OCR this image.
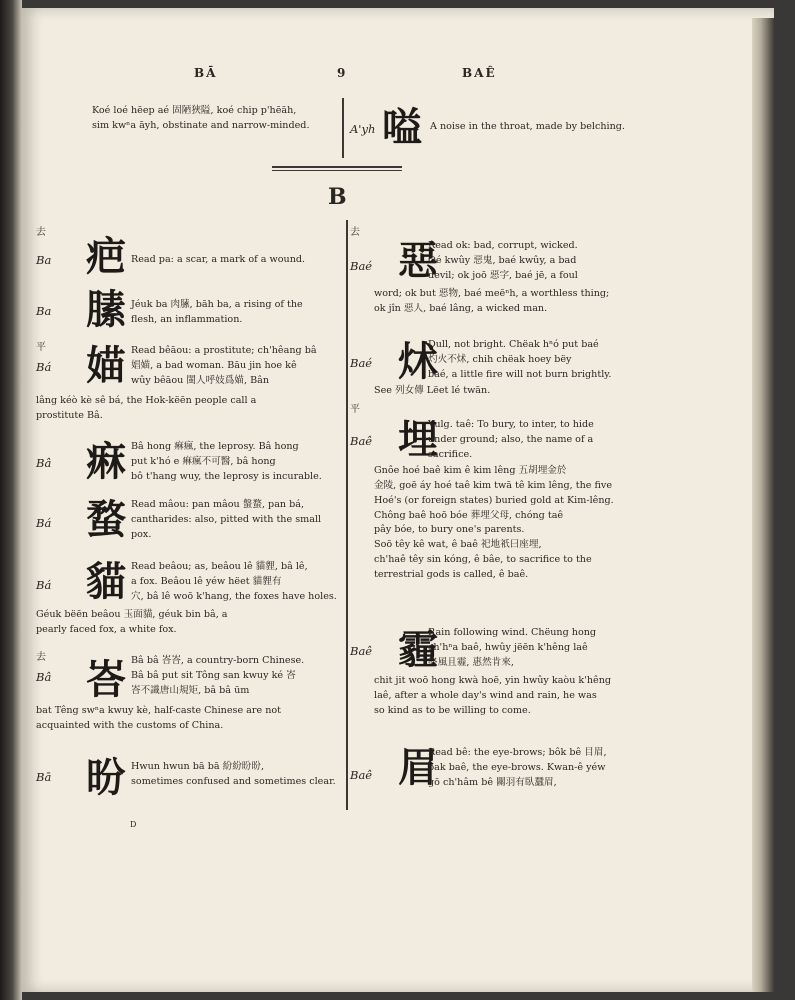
BĀ	9	BAÊ
Koé loé hēep aé 固陋狹隘, koé chip p'hēāh,
sim kwⁿa āyh, obstinate and narrow-minded.	A'yh 嗌 A noise in the throat, made by belching.
B
去
Ba 疤 Read pa: a scar, a mark of a wound.
Ba 膆 Jéuk ba 肉膆, bāh ba, a rising of the
flesh, an inflammation.
平
Bá 媌 Read bêāou: a prostitute; ch'hêang bâ
娼媌, a bad woman. Bāu jin hoe kê
wûy bêāou 閩人呼妓爲媌, Bân
lâng kéò kè sê bá, the Hok-këēn people call a
prostitute Bâ.
Bâ 痳 Bâ hong 痳瘋, the leprosy. Bâ hong
put k'hó e 痳瘋不可醫, bâ hong
bô t'hang wuy, the leprosy is incurable.
Bá 蝥 Read mâou: pan mâou 螌蝥, pan bá,
cantharides: also, pitted with the small
pox.
Bá 貓 Read beâou; as, beâou lê 貓貍, bâ lê,
a fox. Beâou lê yéw hëet 貓貍有
穴, bâ lê woō k'hang, the foxes have holes.
Géuk bëēn beâou 玉面貓, géuk bin bâ, a
pearly faced fox, a white fox.
去
Bâ 峇 Bâ bâ 峇峇, a country-born Chinese.
Bâ bâ put sit Tông san kwuy ké 峇
峇不識唐山規矩, bâ bâ ūm
bat Têng swⁿa kwuy kè, half-caste Chinese are not
acquainted with the customs of China.
Bā 昐 Hwun hwun bā bā 紛紛昐昐,
sometimes confused and sometimes clear.
去
Baé 惡
Read ok: bad, corrupt, wicked.
Oé kwûy 惡鬼, baé kwûy, a bad
devil; ok joō 惡字, baé jē, a foul
word; ok but 惡物, baé meēⁿh, a worthless thing;
ok jîn 惡人, baé lâng, a wicked man.
Baé 炢
Dull, not bright. Chëak hⁿó put baé
灼火不炢, chih chëak hoey bëy
baé, a little fire will not burn brightly.
See 列女傳 Lëet lé twān.
平
Baê 埋
Vulg. taê: To bury, to inter, to hide
under ground; also, the name of a
sacrifice.
Gnôe hoé baê kim ê kim lêng 五胡埋金於
金陵, goē áy hoé taê kim twā tê kim lêng, the five
Hoé's (or foreign states) buried gold at Kim-lêng.
Chông baê hoō bóe 葬埋父母, chóng taê
pây bóe, to bury one's parents.
Soō têy kê wat, ê baê 祀地祇曰座埋,
ch'haê têy sin kóng, ê bâe, to sacrifice to the
terrestrial gods is called, ê baê.
Baê 霾
Rain following wind. Chëung hong
ch'hⁿa baê, hwûy jëēn k'hêng laê
終風且霾, 惠然肯來,
chit jit woō hong kwà hoē, yin hwûy kaòu k'hêng
laê, after a whole day's wind and rain, he was
so kind as to be willing to come.
Baê 眉
Read bê: the eye-brows; bôk bê 目眉,
bak baê, the eye-brows. Kwan-ê yéw
gō ch'hâm bê 關羽有臥蠶眉,
D
